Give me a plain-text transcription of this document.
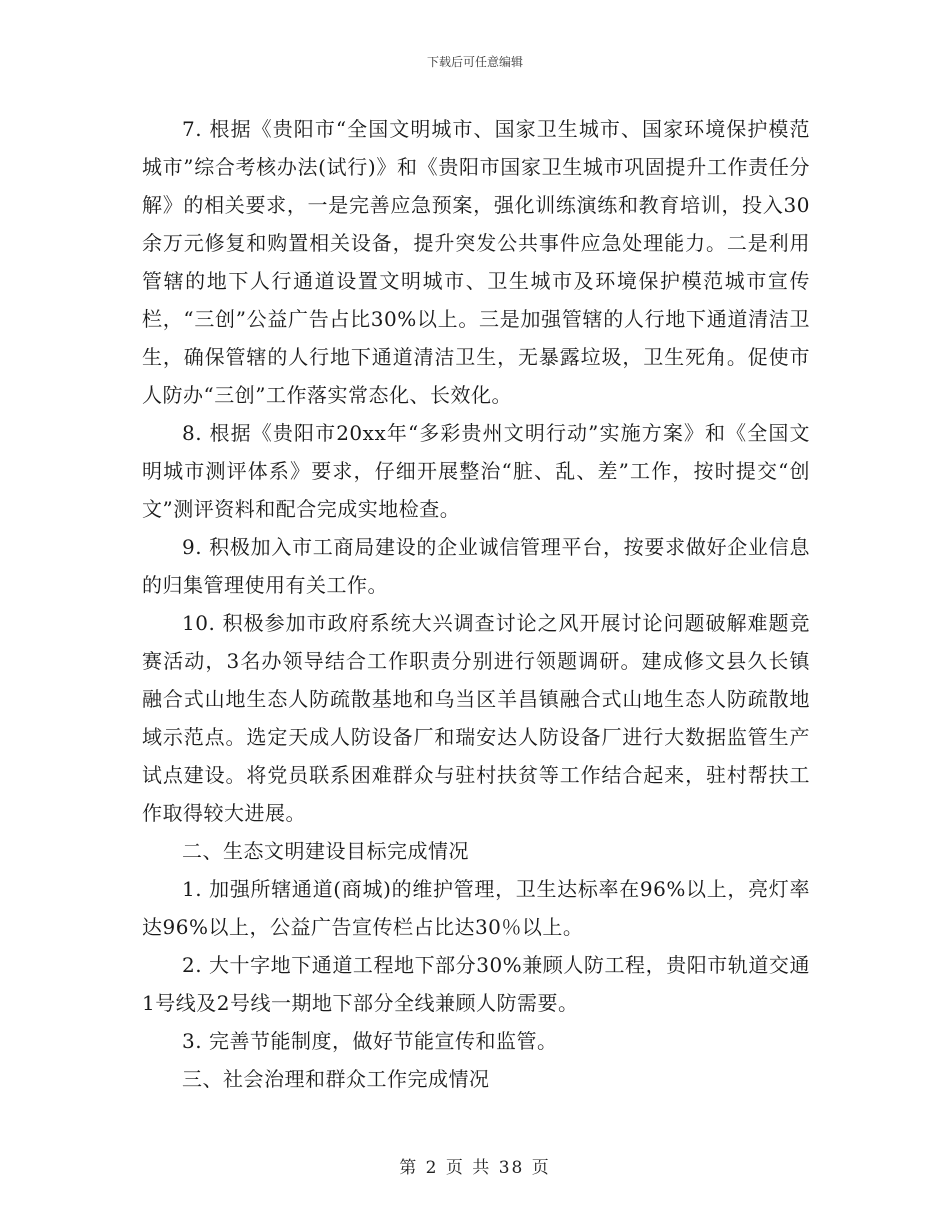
下载后可任意编辑

7. 根据《贵阳市“全国文明城市、国家卫生城市、国家环境保护模范城市”综合考核办法(试行)》和《贵阳市国家卫生城市巩固提升工作责任分解》的相关要求，一是完善应急预案，强化训练演练和教育培训，投入30余万元修复和购置相关设备，提升突发公共事件应急处理能力。二是利用管辖的地下人行通道设置文明城市、卫生城市及环境保护模范城市宣传栏，“三创”公益广告占比30%以上。三是加强管辖的人行地下通道清洁卫生，确保管辖的人行地下通道清洁卫生，无暴露垃圾，卫生死角。促使市人防办“三创”工作落实常态化、长效化。

8. 根据《贵阳市20xx年“多彩贵州文明行动”实施方案》和《全国文明城市测评体系》要求，仔细开展整治“脏、乱、差”工作，按时提交“创文”测评资料和配合完成实地检查。

9. 积极加入市工商局建设的企业诚信管理平台，按要求做好企业信息的归集管理使用有关工作。

10. 积极参加市政府系统大兴调查讨论之风开展讨论问题破解难题竞赛活动，3名办领导结合工作职责分别进行领题调研。建成修文县久长镇融合式山地生态人防疏散基地和乌当区羊昌镇融合式山地生态人防疏散地域示范点。选定天成人防设备厂和瑞安达人防设备厂进行大数据监管生产试点建设。将党员联系困难群众与驻村扶贫等工作结合起来，驻村帮扶工作取得较大进展。

二、生态文明建设目标完成情况

1. 加强所辖通道(商城)的维护管理，卫生达标率在96%以上，亮灯率达96%以上，公益广告宣传栏占比达30％以上。

2. 大十字地下通道工程地下部分30%兼顾人防工程，贵阳市轨道交通1号线及2号线一期地下部分全线兼顾人防需要。

3. 完善节能制度，做好节能宣传和监管。

三、社会治理和群众工作完成情况

第 2 页 共 38 页
